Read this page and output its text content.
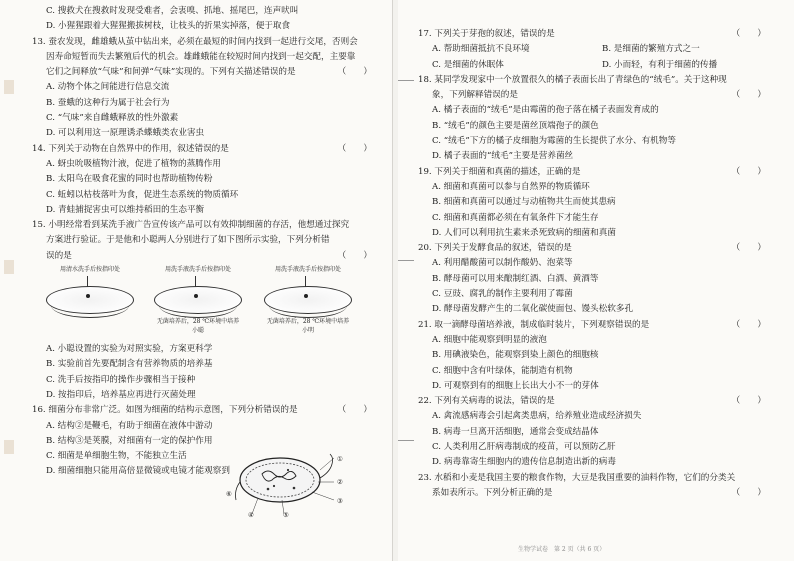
C. 搜救犬在搜救时发现受难者，会衷嗅、抓地、摇尾巴，连声吠叫
D. 小猩猩跟着大猩猩搬拔树枝，让枝头的折果实掉落，便于取食
13. 蚕农发现，雌雄蛾从茧中钻出来，必须在最短的时间内找到一起进行交尾，否则会
因寿命短暂而失去繁殖后代的机会。雄雌蛾能在较短时间内找到一起交配，主要靠
（　　）
它们之间释放“气味”和间弹“气味”实现的。下列有关描述错误的是
A. 动物个体之间能进行信息交流
B. 蚕蛾的这种行为属于社会行为
C. “气味”来自雌蛾释放的性外激素
D. 可以利用这一原理诱杀蝶蛾类农业害虫
（　　）
14. 下列关于动物在自然界中的作用，叙述错误的是
A. 蚜虫吮吸植物汁液，促进了植物的蒸腾作用
B. 太阳鸟在吸食花蜜的同时也帮助植物传粉
C. 蚯蚓以枯枝落叶为食，促进生态系统的物质循环
D. 青蛙捕捉害虫可以维持稻田的生态平衡
15. 小明经常看到某洗手液广告宣传该产品可以有效抑制细菌的存活，他想通过探究
方案进行验证。于是他和小聪两人分别进行了如下图所示实验，下列分析错
（　　）
误的是
用清水洗手后按指印处	用洗手液洗手后按指印处
无菌培养后，28 ℃环境中培养
小聪
用洗手液洗手后按指印处
无菌培养后，28 ℃环境中培养
小明
A. 小聪设置的实验为对照实验，方案更科学
B. 实验前首先要配制含有营养物质的培养基
C. 洗手后按指印的操作步骤相当于接种
D. 按指印后，培养基应再进行灭菌处理
（　　）
16. 细菌分布非常广泛。如图为细菌的结构示意图，下列分析错误的是
A. 结构②是鞭毛，有助于细菌在液体中游动
B. 结构③是荚膜，对细菌有一定的保护作用
C. 细菌是单细胞生物，不能独立生活
D. 细菌细胞只能用高倍显微镜或电镜才能观察到
①
②
③
④	⑤
⑥
（　　）
17. 下列关于芽孢的叙述，错误的是
A. 帮助细菌抵抗不良环境	B. 是细菌的繁殖方式之一
C. 是细菌的休眠体	D. 小而轻，有利于细菌的传播
18. 某同学发现家中一个放置很久的橘子表面长出了青绿色的“绒毛”。关于这种现
（　　）
象，下列解释错误的是
A. 橘子表面的“绒毛”是由霉菌的孢子落在橘子表面发育成的
B. “绒毛”的颜色主要是菌丝顶端孢子的颜色
C. “绒毛”下方的橘子皮细胞为霉菌的生长提供了水分、有机物等
D. 橘子表面的“绒毛”主要是营养菌丝
（　　）
19. 下列关于细菌和真菌的描述，正确的是
A. 细菌和真菌可以参与自然界的物质循环
B. 细菌和真菌可以通过与动植物共生而使其患病
C. 细菌和真菌都必须在有氧条件下才能生存
D. 人们可以利用抗生素来杀死致病的细菌和真菌
（　　）
20. 下列关于发酵食品的叙述，错误的是
A. 利用醋酸菌可以制作酸奶、泡菜等
B. 酵母菌可以用来酿制红酒、白酒、黄酒等
C. 豆豉、腐乳的制作主要利用了霉菌
D. 酵母菌发酵产生的二氧化碳使面包、馒头松软多孔
（　　）
21. 取一滴酵母菌培养液，制成临时装片，下列观察错误的是
A. 细胞中能观察到明显的液泡
B. 用碘液染色，能观察到染上颜色的细胞核
C. 细胞中含有叶绿体，能制造有机物
D. 可观察到有的细胞上长出大小不一的芽体
（　　）
22. 下列有关病毒的说法，错误的是
A. 禽流感病毒会引起禽类患病，给养殖业造成经济损失
B. 病毒一旦离开活细胞，通常会变成结晶体
C. 人类利用乙肝病毒制成的疫苗，可以预防乙肝
D. 病毒靠寄生细胞内的遗传信息制造出新的病毒
23. 水稻和小麦是我国主要的粮食作物，大豆是我国重要的油料作物，它们的分类关
（　　）
系如表所示。下列分析正确的是
生物学试卷　第 2 页（共 6 页）
